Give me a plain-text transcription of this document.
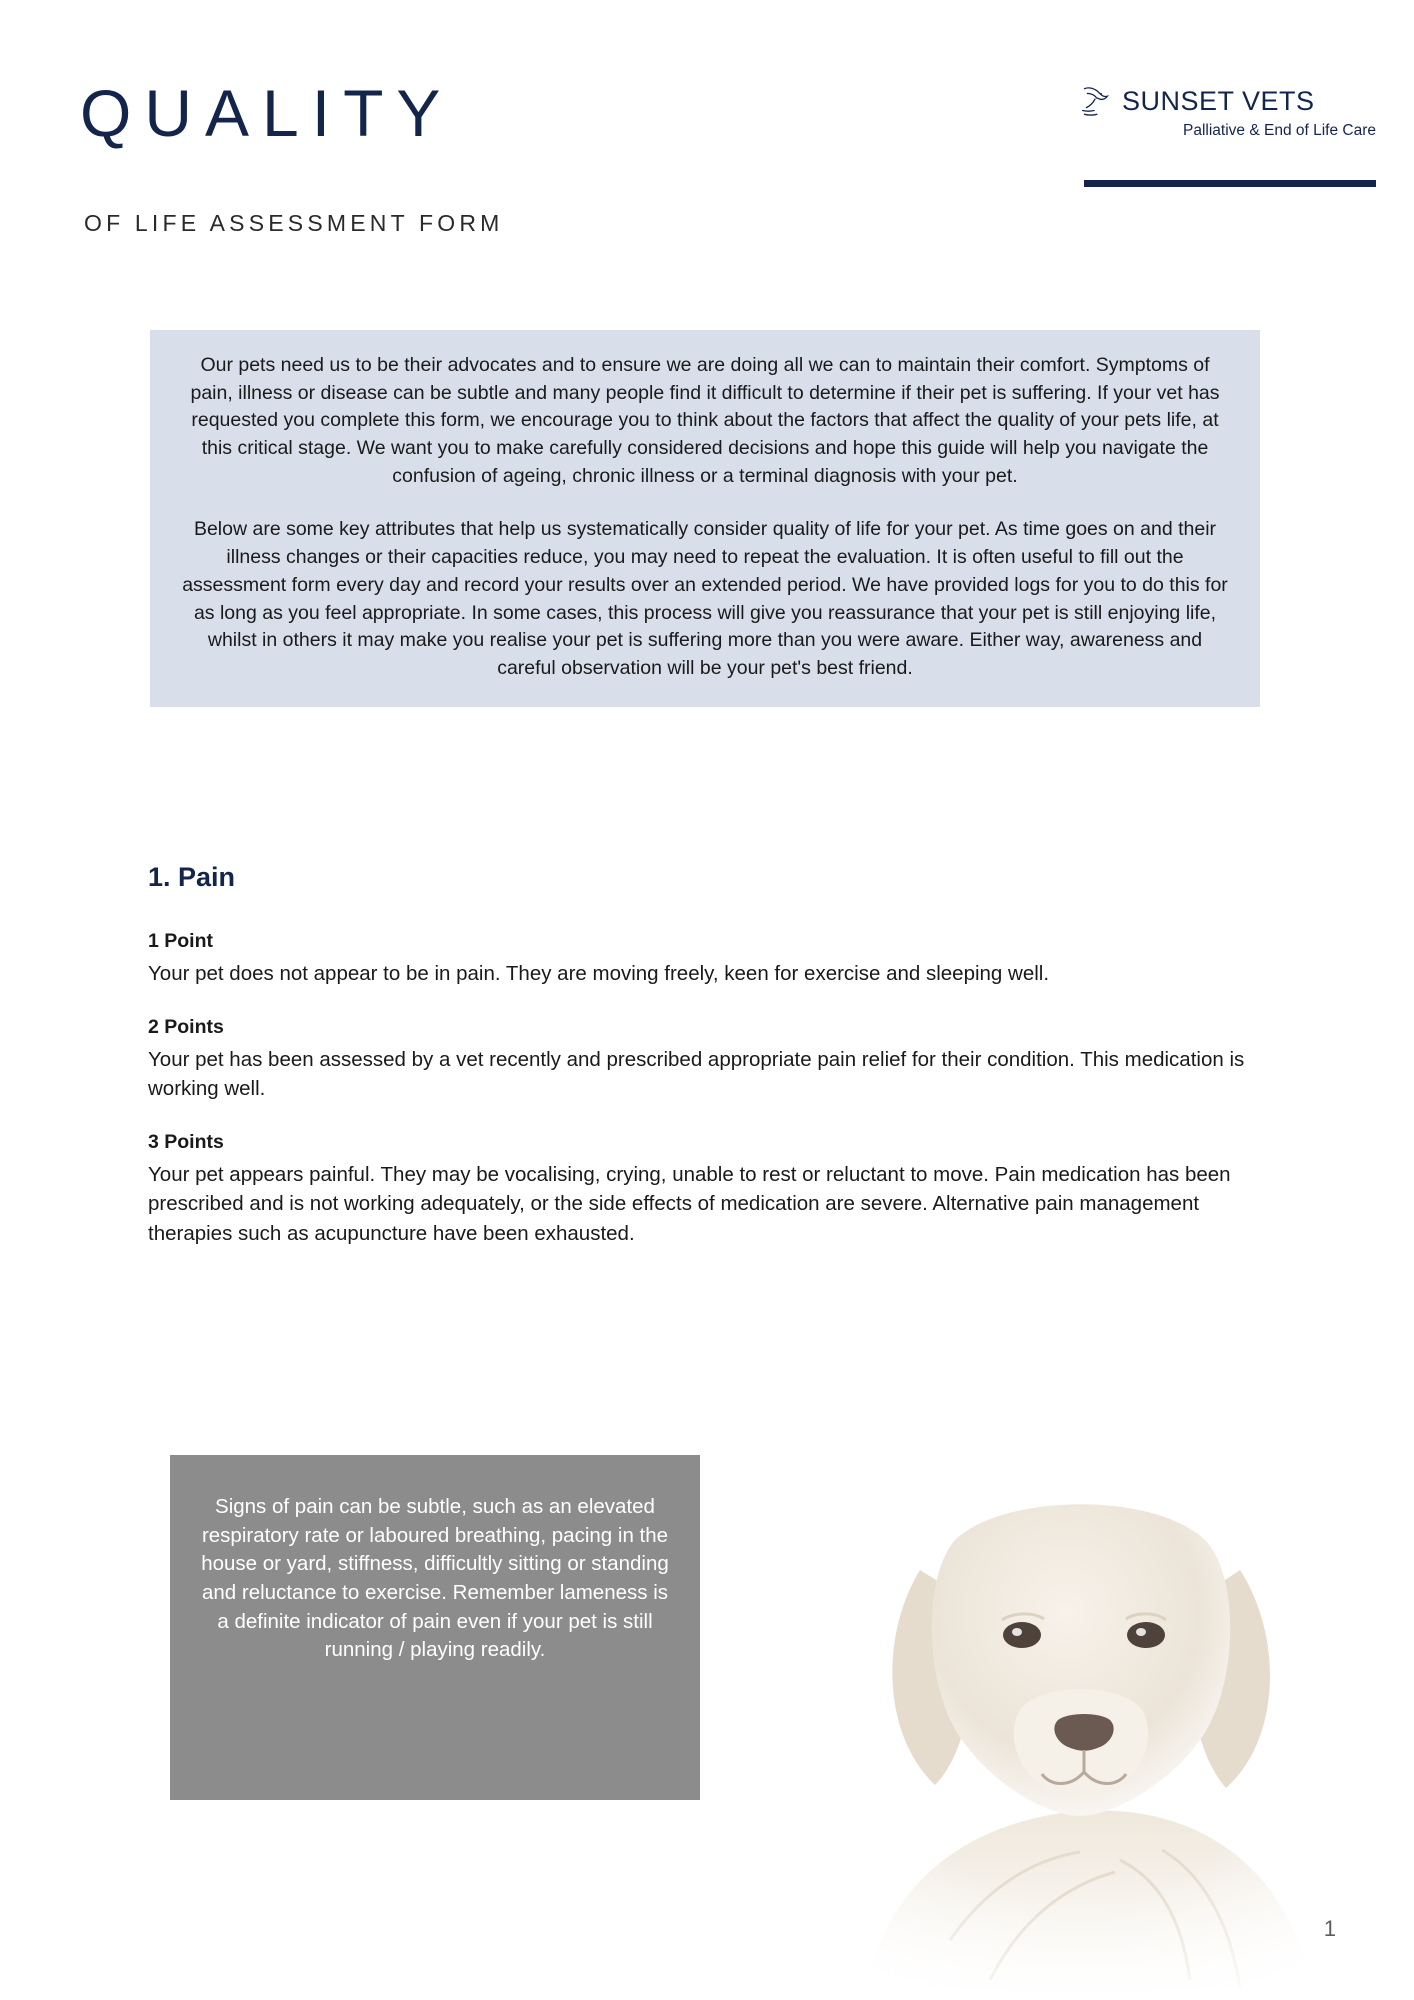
QUALITY
OF LIFE ASSESSMENT FORM
SUNSET VETS
Palliative & End of Life Care

Our pets need us to be their advocates and to ensure we are doing all we can to maintain their comfort. Symptoms of pain, illness or disease can be subtle and many people find it difficult to determine if their pet is suffering. If your vet has requested you complete this form, we encourage you to think about the factors that affect the quality of your pets life, at this critical stage. We want you to make carefully considered decisions and hope this guide will help you navigate the confusion of ageing, chronic illness or a terminal diagnosis with your pet.

Below are some key attributes that help us systematically consider quality of life for your pet. As time goes on and their illness changes or their capacities reduce, you may need to repeat the evaluation. It is often useful to fill out the assessment form every day and record your results over an extended period. We have provided logs for you to do this for as long as you feel appropriate. In some cases, this process will give you reassurance that your pet is still enjoying life, whilst in others it may make you realise your pet is suffering more than you were aware. Either way, awareness and careful observation will be your pet's best friend.

1. Pain
1 Point
Your pet does not appear to be in pain. They are moving freely, keen for exercise and sleeping well.
2 Points
Your pet has been assessed by a vet recently and prescribed appropriate pain relief for their condition. This medication is working well.
3 Points
Your pet appears painful. They may be vocalising, crying, unable to rest or reluctant to move. Pain medication has been prescribed and is not working adequately, or the side effects of medication are severe. Alternative pain management therapies such as acupuncture have been exhausted.
Signs of pain can be subtle, such as an elevated respiratory rate or laboured breathing, pacing in the house or yard, stiffness, difficultly sitting or standing and reluctance to exercise. Remember lameness is a definite indicator of pain even if your pet is still running / playing readily.
1
